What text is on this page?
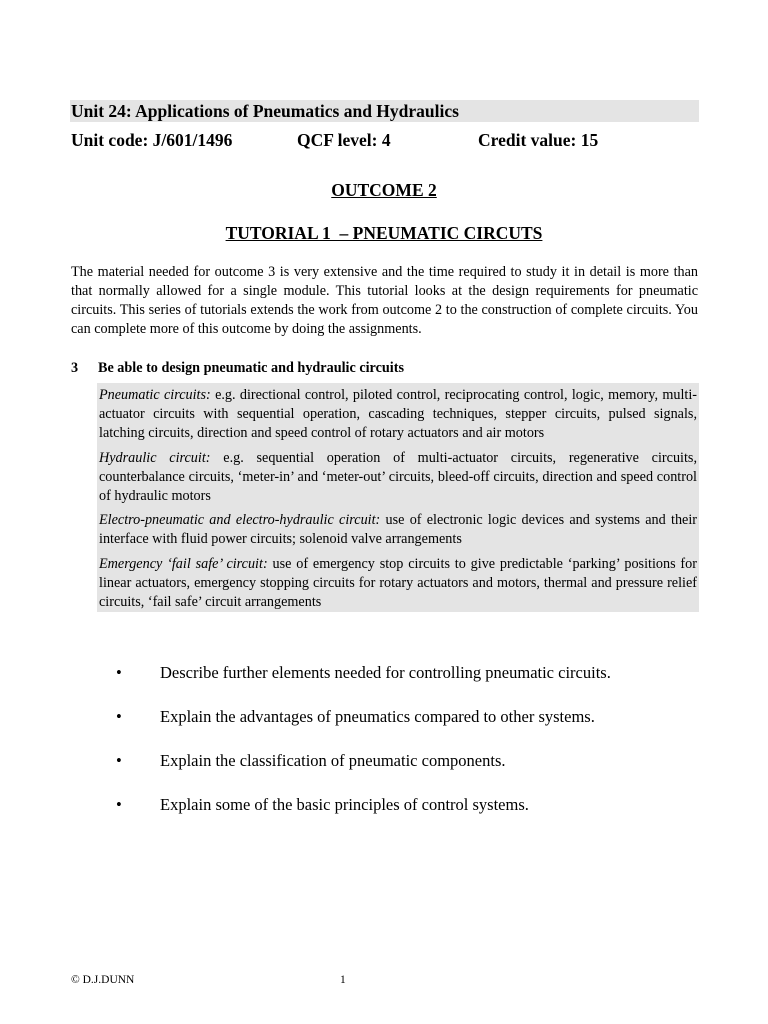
Unit 24: Applications of Pneumatics and Hydraulics
Unit code: J/601/1496	QCF level: 4	Credit value: 15
OUTCOME 2
TUTORIAL 1  – PNEUMATIC CIRCUTS

The material needed for outcome 3 is very extensive and the time required to study it in detail is more than that normally allowed for a single module. This tutorial looks at the design requirements for pneumatic circuits. This series of tutorials extends the work from outcome 2 to the construction of complete circuits. You can complete more of this outcome by doing the assignments.

3 Be able to design pneumatic and hydraulic circuits

Pneumatic circuits: e.g. directional control, piloted control, reciprocating control, logic, memory, multi-actuator circuits with sequential operation, cascading techniques, stepper circuits, pulsed signals, latching circuits, direction and speed control of rotary actuators and air motors

Hydraulic circuit: e.g. sequential operation of multi-actuator circuits, regenerative circuits, counterbalance circuits, ‘meter-in’ and ‘meter-out’ circuits, bleed-off circuits, direction and speed control of hydraulic motors

Electro-pneumatic and electro-hydraulic circuit: use of electronic logic devices and systems and their interface with fluid power circuits; solenoid valve arrangements

Emergency ‘fail safe’ circuit: use of emergency stop circuits to give predictable ‘parking’ positions for linear actuators, emergency stopping circuits for rotary actuators and motors, thermal and pressure relief circuits, ‘fail safe’ circuit arrangements

• Describe further elements needed for controlling pneumatic circuits.
• Explain the advantages of pneumatics compared to other systems.
• Explain the classification of pneumatic components.
• Explain some of the basic principles of control systems.
© D.J.DUNN	1
